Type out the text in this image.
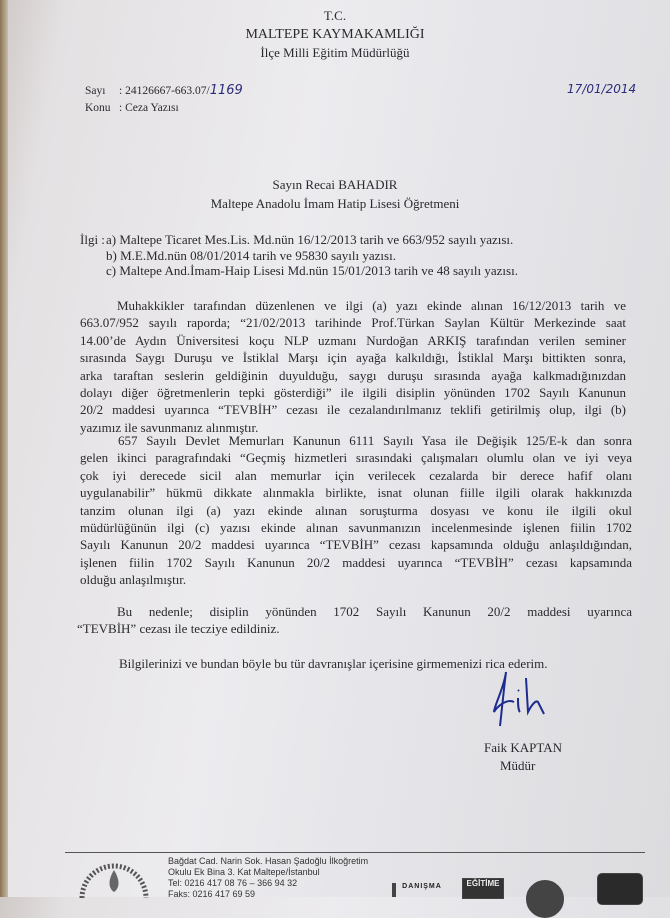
T.C.
MALTEPE KAYMAKAMLIĞI
İlçe Milli Eğitim Müdürlüğü
Sayı : 24126667-663.07/1169	17/01/2014
Konu : Ceza Yazısı
Sayın Recai BAHADIR
Maltepe Anadolu İmam Hatip Lisesi Öğretmeni
İlgi : a) Maltepe Ticaret Mes.Lis. Md.nün 16/12/2013 tarih ve 663/952 sayılı yazısı.
b) M.E.Md.nün 08/01/2014 tarih ve 95830 sayılı yazısı.
c) Maltepe And.İmam-Haip Lisesi Md.nün 15/01/2013 tarih ve 48 sayılı yazısı.
Muhakkikler tarafından düzenlenen ve ilgi (a) yazı ekinde alınan 16/12/2013 tarih ve
663.07/952 sayılı raporda; “21/02/2013 tarihinde Prof.Türkan Saylan Kültür Merkezinde saat
14.00’de Aydın Üniversitesi koçu NLP uzmanı Nurdoğan ARKIŞ tarafından verilen seminer
sırasında Saygı Duruşu ve İstiklal Marşı için ayağa kalkıldığı, İstiklal Marşı bittikten sonra,
arka taraftan seslerin geldiğinin duyulduğu, saygı duruşu sırasında ayağa kalkmadığınızdan
dolayı diğer öğretmenlerin tepki gösterdiği” ile ilgili disiplin yönünden 1702 Sayılı Kanunun
20/2 maddesi uyarınca “TEVBİH” cezası ile cezalandırılmanız teklifi getirilmiş olup, ilgi (b)
yazımız ile savunmanız alınmıştır.
657 Sayılı Devlet Memurları Kanunun 6111 Sayılı Yasa ile Değişik 125/E-k dan sonra
gelen ikinci paragrafındaki “Geçmiş hizmetleri sırasındaki çalışmaları olumlu olan ve iyi veya
çok iyi derecede sicil alan memurlar için verilecek cezalarda bir derece hafif olanı
uygulanabilir” hükmü dikkate alınmakla birlikte, isnat olunan fiille ilgili olarak hakkınızda
tanzim olunan ilgi (a) yazı ekinde alınan soruşturma dosyası ve konu ile ilgili okul
müdürlüğünün ilgi (c) yazısı ekinde alınan savunmanızın incelenmesinde işlenen fiilin 1702
Sayılı Kanunun 20/2 maddesi uyarınca “TEVBİH” cezası kapsamında olduğu anlaşıldığından,
işlenen fiilin 1702 Sayılı Kanunun 20/2 maddesi uyarınca “TEVBİH” cezası kapsamında
olduğu anlaşılmıştır.
Bu nedenle; disiplin yönünden 1702 Sayılı Kanunun 20/2 maddesi uyarınca
“TEVBİH” cezası ile tecziye edildiniz.
Bilgilerinizi ve bundan böyle bu tür davranışlar içerisine girmemenizi rica ederim.
Faik KAPTAN
Müdür
Bağdat Cad. Narin Sok. Hasan Şadoğlu İlkoğretim
Okulu Ek Bina 3. Kat Maltepe/İstanbul
Tel: 0216 417 08 76 – 366 94 32
Faks: 0216 417 69 59
DANIŞMA	EĞİTİME
